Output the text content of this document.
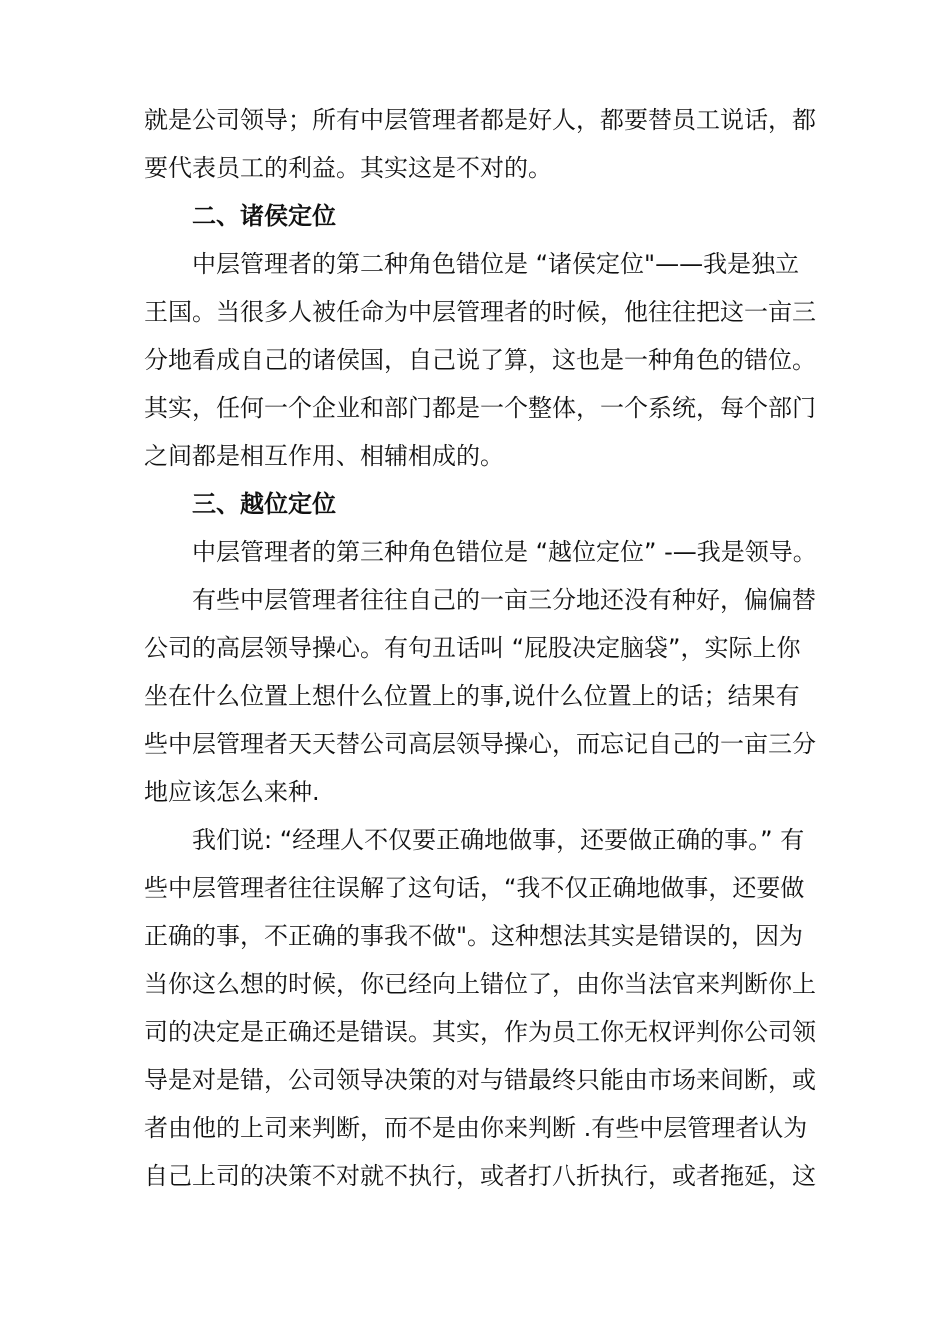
就是公司领导；所有中层管理者都是好人，都要替员工说话，都
要代表员工的利益。其实这是不对的。
二、诸侯定位
中层管理者的第二种角色错位是 “诸侯定位"——我是独立
王国。当很多人被任命为中层管理者的时候，他往往把这一亩三
分地看成自己的诸侯国，自己说了算，这也是一种角色的错位。
其实，任何一个企业和部门都是一个整体，一个系统，每个部门
之间都是相互作用、相辅相成的。
三、越位定位
中层管理者的第三种角色错位是 “越位定位” -—我是领导。
有些中层管理者往往自己的一亩三分地还没有种好，偏偏替
公司的高层领导操心。有句丑话叫 “屁股决定脑袋”，实际上你
坐在什么位置上想什么位置上的事,说什么位置上的话；结果有
些中层管理者天天替公司高层领导操心，而忘记自己的一亩三分
地应该怎么来种.
我们说: “经理人不仅要正确地做事，还要做正确的事。” 有
些中层管理者往往误解了这句话，“我不仅正确地做事，还要做
正确的事，不正确的事我不做"。这种想法其实是错误的，因为
当你这么想的时候，你已经向上错位了，由你当法官来判断你上
司的决定是正确还是错误。其实，作为员工你无权评判你公司领
导是对是错，公司领导决策的对与错最终只能由市场来间断，或
者由他的上司来判断，而不是由你来判断 .有些中层管理者认为
自己上司的决策不对就不执行，或者打八折执行，或者拖延，这
